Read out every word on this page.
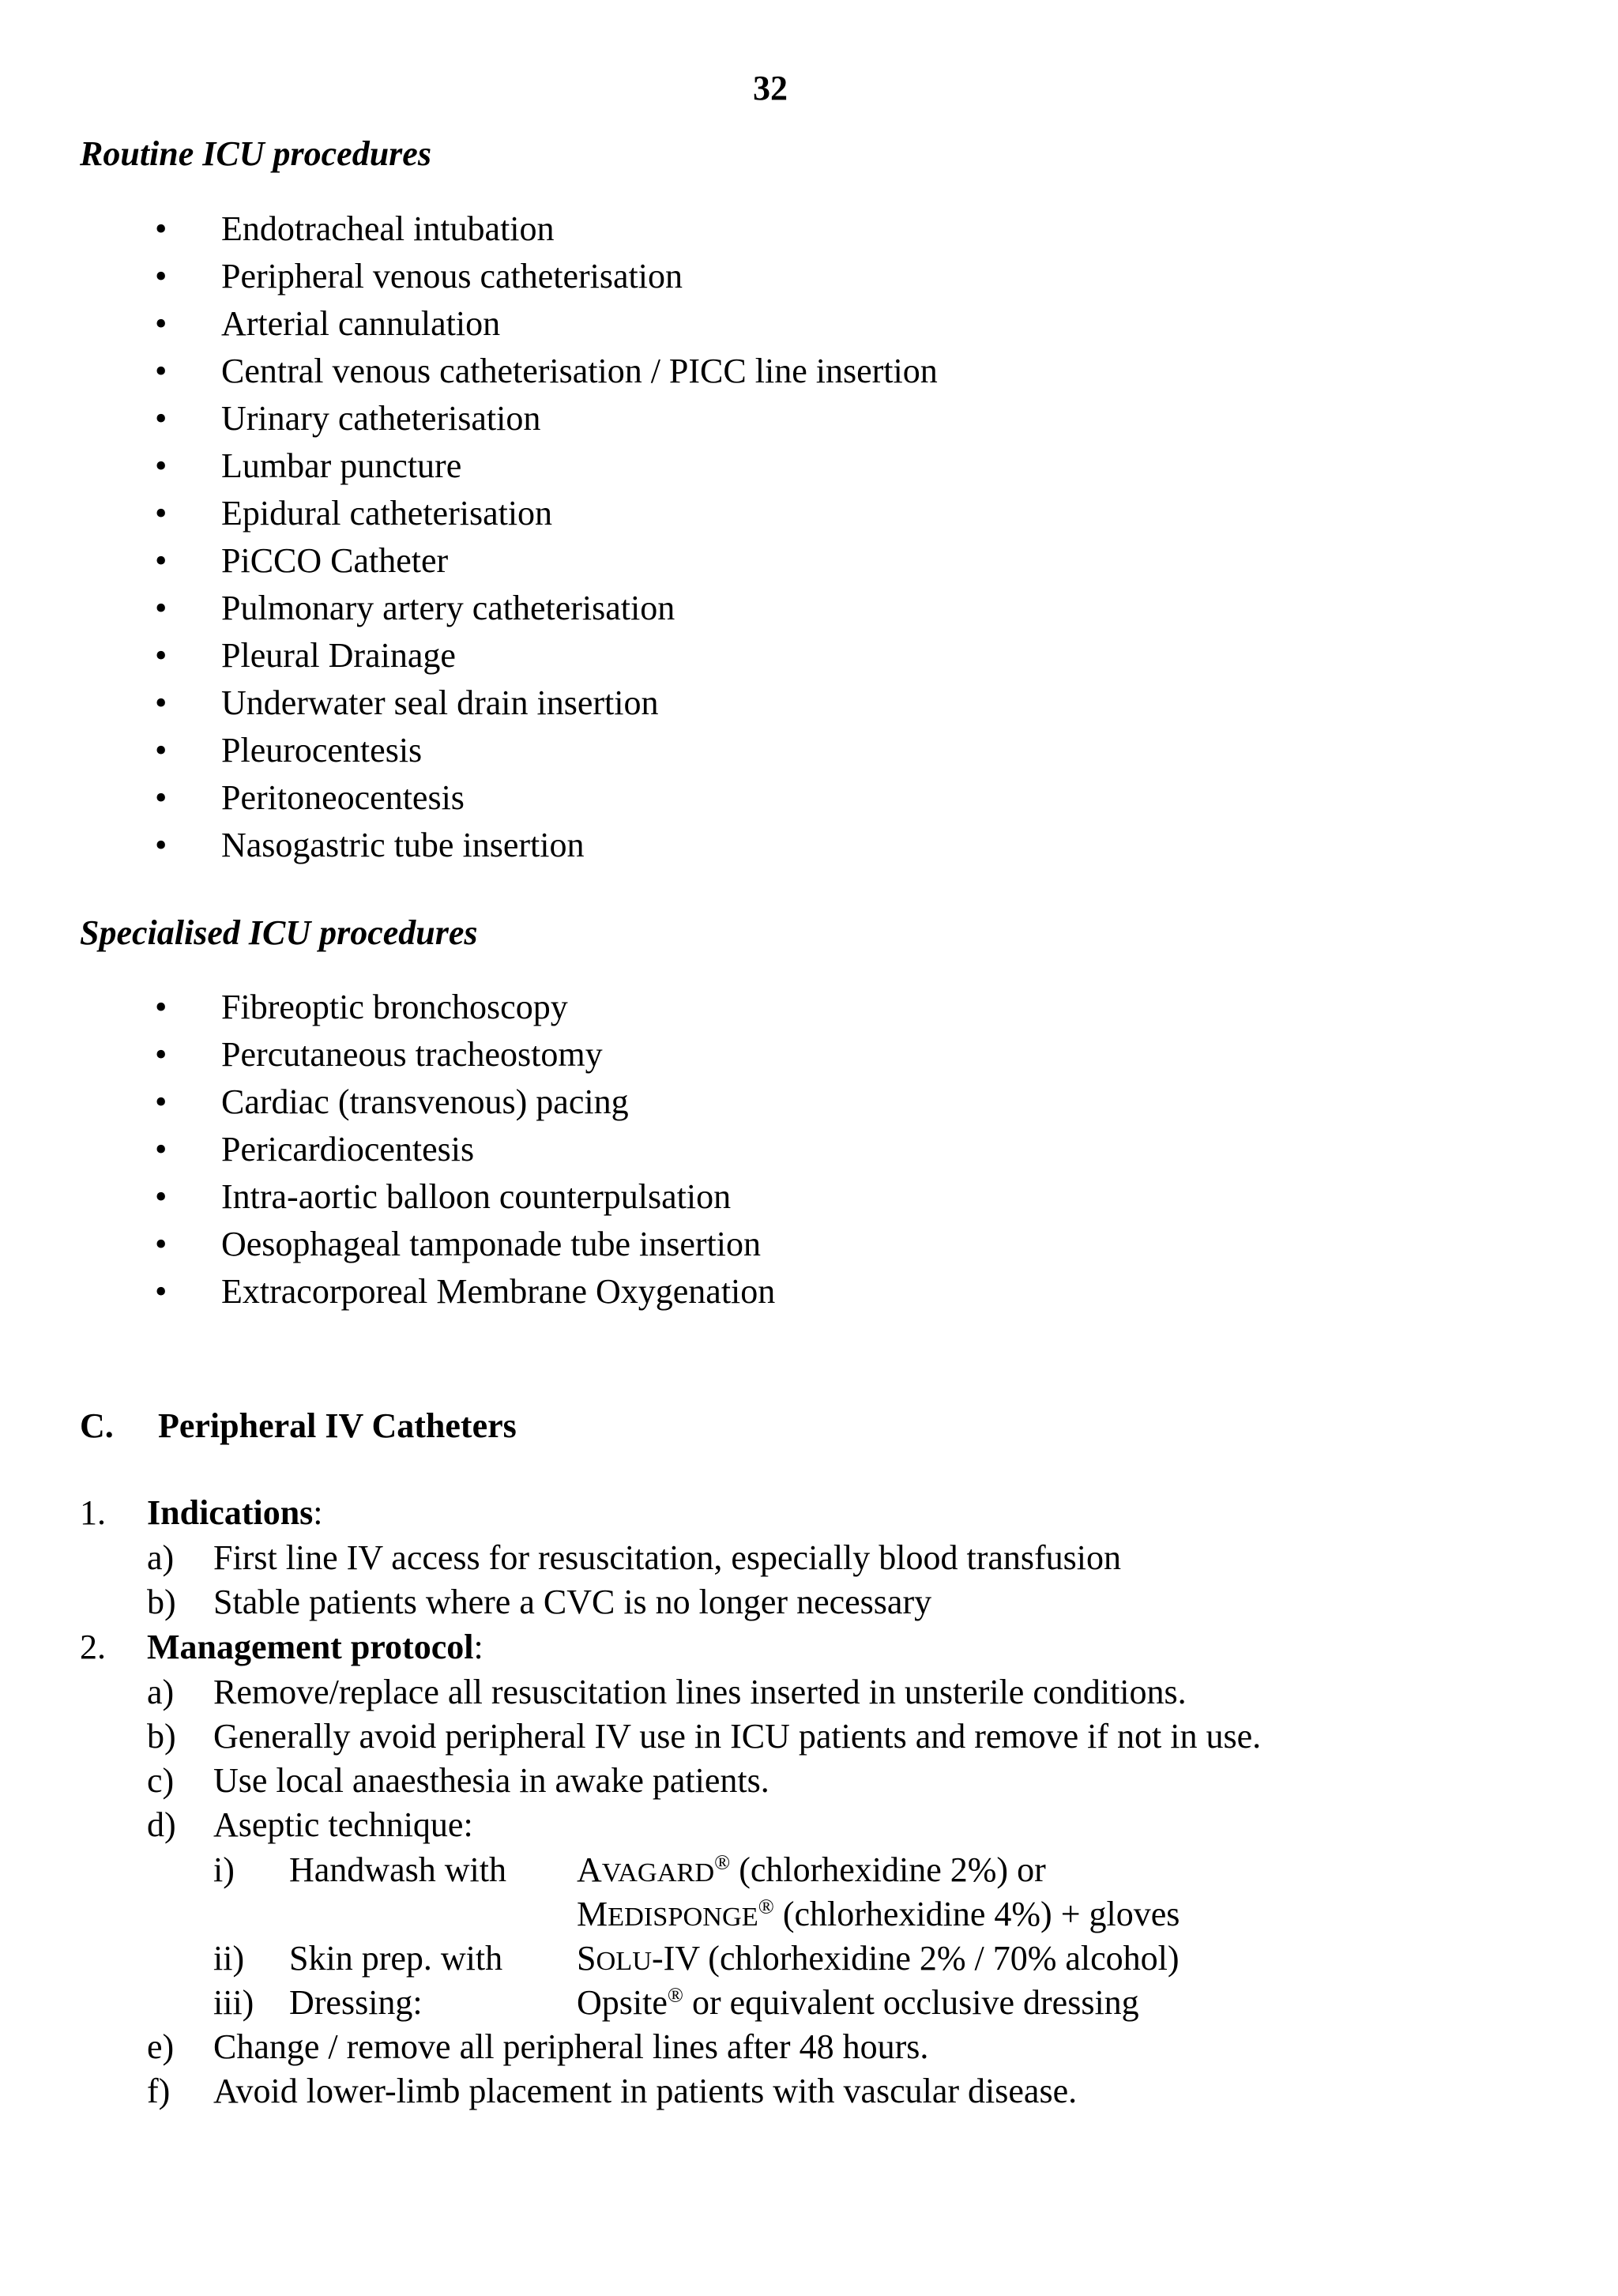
32
Routine ICU procedures
• Endotracheal intubation
• Peripheral venous catheterisation
• Arterial cannulation
• Central venous catheterisation / PICC line insertion
• Urinary catheterisation
• Lumbar puncture
• Epidural catheterisation
• PiCCO Catheter
• Pulmonary artery catheterisation
• Pleural Drainage
• Underwater seal drain insertion
• Pleurocentesis
• Peritoneocentesis
• Nasogastric tube insertion
Specialised ICU procedures
• Fibreoptic bronchoscopy
• Percutaneous tracheostomy
• Cardiac (transvenous) pacing
• Pericardiocentesis
• Intra-aortic balloon counterpulsation
• Oesophageal tamponade tube insertion
• Extracorporeal Membrane Oxygenation
C. Peripheral IV Catheters
1. Indications:
a) First line IV access for resuscitation, especially blood transfusion
b) Stable patients where a CVC is no longer necessary
2. Management protocol:
a) Remove/replace all resuscitation lines inserted in unsterile conditions.
b) Generally avoid peripheral IV use in ICU patients and remove if not in use.
c) Use local anaesthesia in awake patients.
d) Aseptic technique:
i) Handwash with AVAGARD® (chlorhexidine 2%) or
MEDISPONGE® (chlorhexidine 4%) + gloves
ii) Skin prep. with SOLU-IV (chlorhexidine 2% / 70% alcohol)
iii) Dressing:	Opsite® or equivalent occlusive dressing
e) Change / remove all peripheral lines after 48 hours.
f) Avoid lower-limb placement in patients with vascular disease.
